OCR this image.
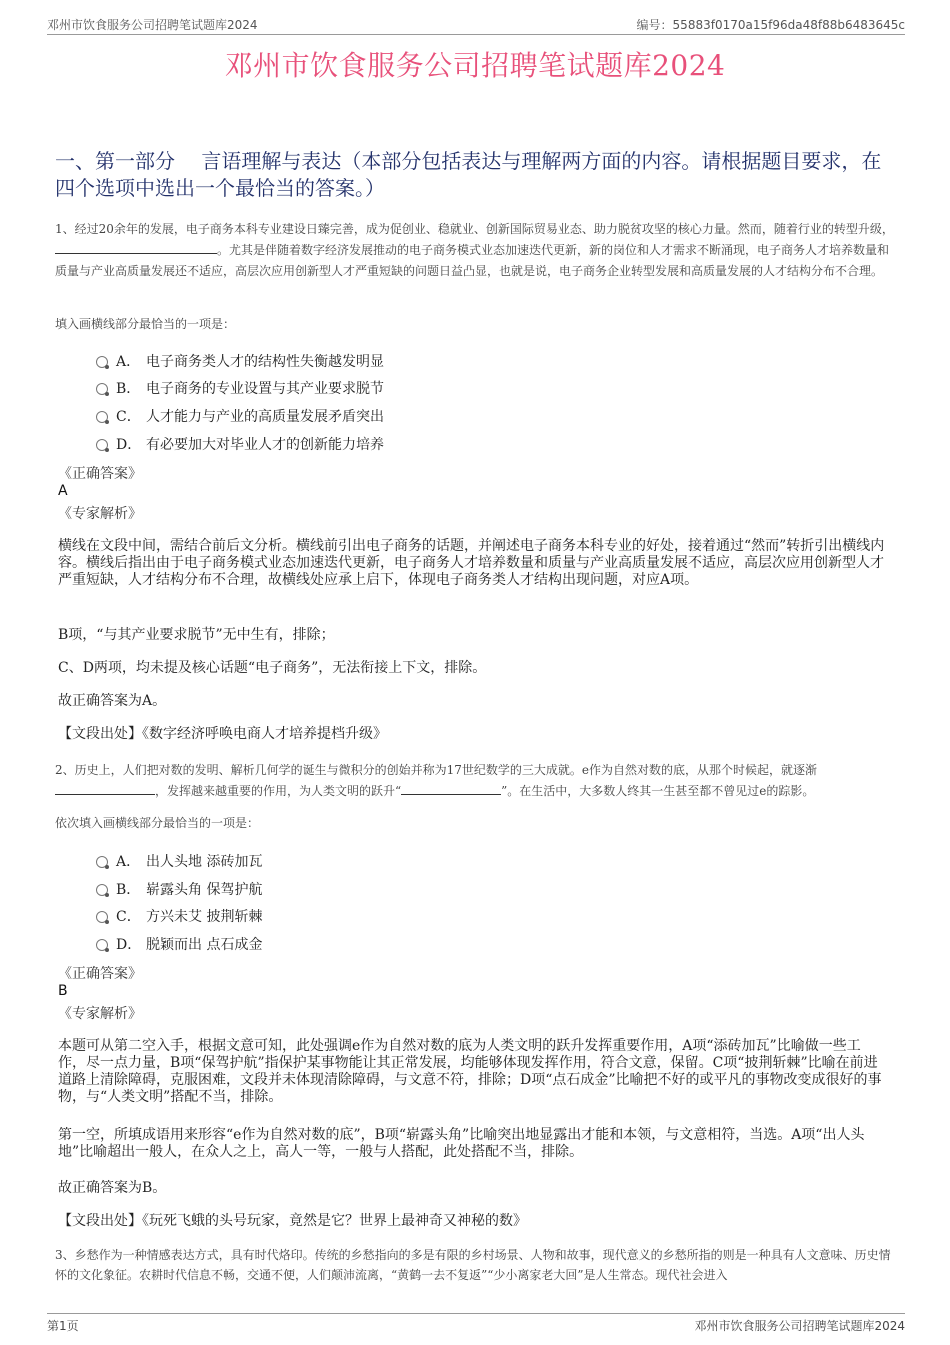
邓州市饮食服务公司招聘笔试题库2024	编号：55883f0170a15f96da48f88b6483645c
邓州市饮食服务公司招聘笔试题库2024
一、第一部分　 言语理解与表达（本部分包括表达与理解两方面的内容。请根据题目要求，在四个选项中选出一个最恰当的答案。）
1、经过20余年的发展，电子商务本科专业建设日臻完善，成为促创业、稳就业、创新国际贸易业态、助力脱贫攻坚的核心力量。然而，随着行业的转型升级，。尤其是伴随着数字经济发展推动的电子商务模式业态加速迭代更新，新的岗位和人才需求不断涌现，电子商务人才培养数量和质量与产业高质量发展还不适应，高层次应用创新型人才严重短缺的问题日益凸显，也就是说，电子商务企业转型发展和高质量发展的人才结构分布不合理。
填入画横线部分最恰当的一项是：
A． 电子商务类人才的结构性失衡越发明显
B． 电子商务的专业设置与其产业要求脱节
C． 人才能力与产业的高质量发展矛盾突出
D． 有必要加大对毕业人才的创新能力培养
《正确答案》
A
《专家解析》
横线在文段中间，需结合前后文分析。横线前引出电子商务的话题，并阐述电子商务本科专业的好处，接着通过“然而”转折引出横线内容。横线后指出由于电子商务模式业态加速迭代更新，电子商务人才培养数量和质量与产业高质量发展不适应，高层次应用创新型人才严重短缺，人才结构分布不合理，故横线处应承上启下，体现电子商务类人才结构出现问题，对应A项。
B项，“与其产业要求脱节”无中生有，排除；
C、D两项，均未提及核心话题“电子商务”，无法衔接上下文，排除。
故正确答案为A。
【文段出处】《数字经济呼唤电商人才培养提档升级》
2、历史上，人们把对数的发明、解析几何学的诞生与微积分的创始并称为17世纪数学的三大成就。e作为自然对数的底，从那个时候起，就逐渐，发挥越来越重要的作用，为人类文明的跃升“	”。在生活中，大多数人终其一生甚至都不曾见过e的踪影。
依次填入画横线部分最恰当的一项是：
A． 出人头地 添砖加瓦
B． 崭露头角 保驾护航
C． 方兴未艾 披荆斩棘
D． 脱颖而出 点石成金
《正确答案》
B
《专家解析》
本题可从第二空入手，根据文意可知，此处强调e作为自然对数的底为人类文明的跃升发挥重要作用，A项“添砖加瓦”比喻做一些工作，尽一点力量，B项“保驾护航”指保护某事物能让其正常发展，均能够体现发挥作用，符合文意，保留。C项“披荆斩棘”比喻在前进道路上清除障碍，克服困难，文段并未体现清除障碍，与文意不符，排除；D项“点石成金”比喻把不好的或平凡的事物改变成很好的事物，与“人类文明”搭配不当，排除。
第一空，所填成语用来形容“e作为自然对数的底”，B项“崭露头角”比喻突出地显露出才能和本领，与文意相符，当选。A项“出人头地”比喻超出一般人，在众人之上，高人一等，一般与人搭配，此处搭配不当，排除。
故正确答案为B。
【文段出处】《玩死飞蛾的头号玩家，竟然是它？世界上最神奇又神秘的数》
3、乡愁作为一种情感表达方式，具有时代烙印。传统的乡愁指向的多是有限的乡村场景、人物和故事，现代意义的乡愁所指的则是一种具有人文意味、历史情怀的文化象征。农耕时代信息不畅，交通不便，人们颠沛流离，“黄鹤一去不复返”“少小离家老大回”是人生常态。现代社会进入
第1页	邓州市饮食服务公司招聘笔试题库2024
